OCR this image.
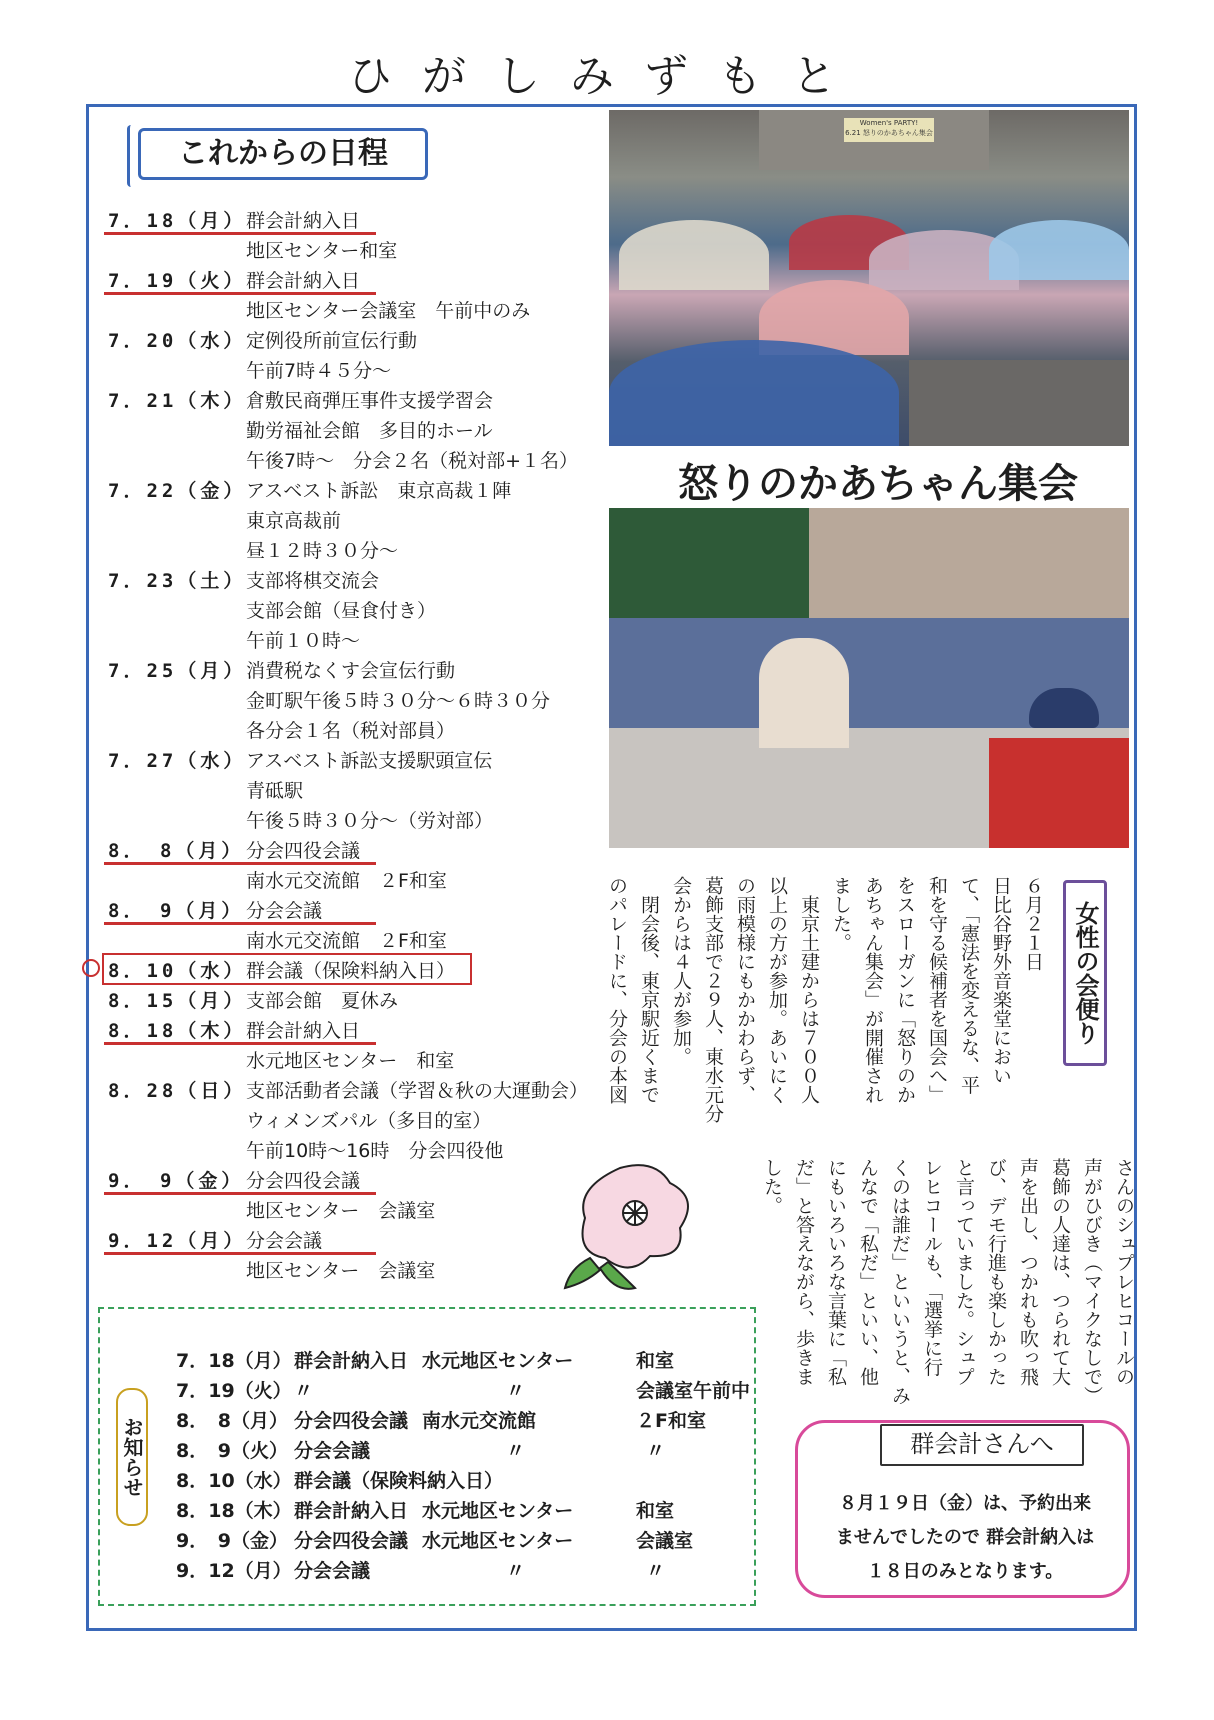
ひがしみずもと
これからの日程
7．18（月） 群会計納入日
地区センター和室
7．19（火） 群会計納入日
地区センター会議室　午前中のみ
7．20（水） 定例役所前宣伝行動
午前7時４５分～
7．21（木） 倉敷民商弾圧事件支援学習会
勤労福祉会館　多目的ホール
午後7時～　分会２名（税対部+１名）
7．22（金） アスベスト訴訟　東京高裁１陣
東京高裁前
昼１２時３０分～
7．23（土） 支部将棋交流会
支部会館（昼食付き）
午前１０時～
7．25（月） 消費税なくす会宣伝行動
金町駅午後５時３０分～６時３０分
各分会１名（税対部員）
7．27（水） アスベスト訴訟支援駅頭宣伝
青砥駅
午後５時３０分～（労対部）
8．　8（月） 分会四役会議
南水元交流館　２F和室
8．　9（月） 分会会議
南水元交流館　２F和室
8．10（水） 群会議（保険料納入日）
8．15（月） 支部会館　夏休み
8．18（木） 群会計納入日
水元地区センター　和室
8．28（日） 支部活動者会議（学習＆秋の大運動会）
ウィメンズパル（多目的室）
午前10時～16時　分会四役他
9．　9（金） 分会四役会議
地区センター　会議室
9．12（月） 分会会議
地区センター　会議室
Women's PARTY!
6.21 怒りのかあちゃん集会
怒りのかあちゃん集会
６月２１日
日比谷野外音楽堂におい
て、「憲法を変えるな、平
和を守る候補者を国会へ」
をスローガンに「怒りのか
あちゃん集会」が開催され
ました。
　東京土建からは７００人
以上の方が参加。あいにく
の雨模様にもかかわらず、
葛飾支部で２９人、東水元分
会からは４人が参加。
　閉会後、東京駅近くまで
のパレードに、分会の本図	女性の会便り
さんのシュプレヒコールの
声がひびき（マイクなしで）
葛飾の人達は、つられて大
声を出し、つかれも吹っ飛
び、デモ行進も楽しかった
と言っていました。シュプ
レヒコールも、「選挙に行
くのは誰だ」といいうと、み
んなで「私だ」といい、他
にもいろいろな言葉に「私
だ」と答えながら、歩きま
した。
お知らせ
7．18（月） 群会計納入日 水元地区センター	和室
7．19（火） 〃	〃	会議室午前中
8．　8（月） 分会四役会議 南水元交流館	２F和室
8．　9（火） 分会会議	〃	〃
8．10（水） 群会議（保険料納入日）
8．18（木） 群会計納入日 水元地区センター	和室
9．　9（金） 分会四役会議 水元地区センター	会議室
9．12（月） 分会会議	〃	〃
群会計さんへ
８月１９日（金）は、予約出来
ませんでしたので 群会計納入は
１８日のみとなります。
